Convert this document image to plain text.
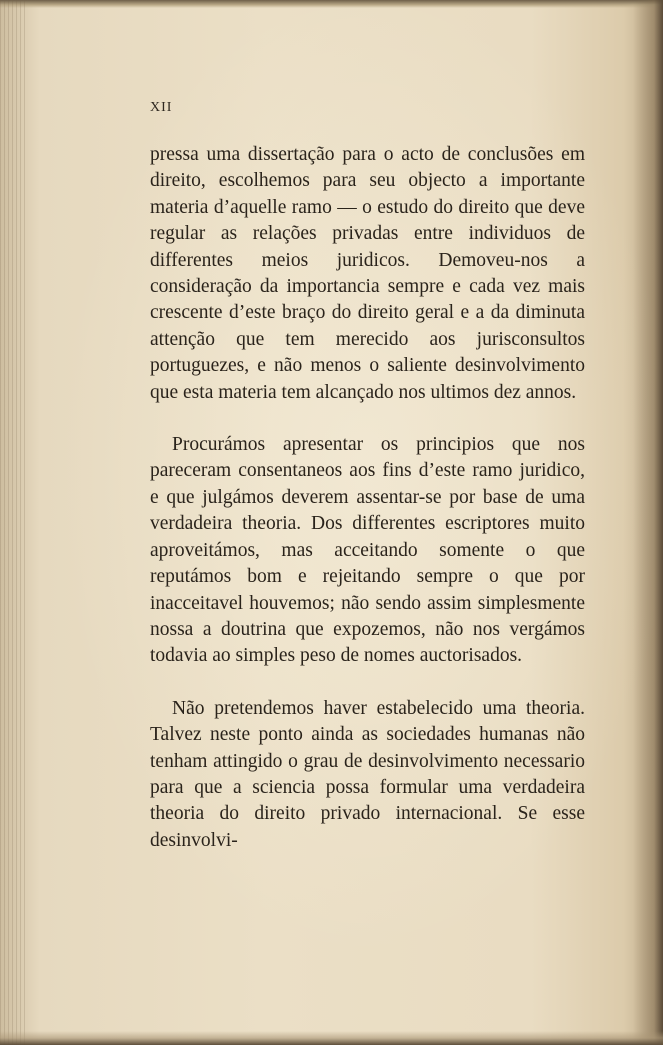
XII

pressa uma dissertação para o acto de conclusões em direito, escolhemos para seu objecto a importante materia d’aquelle ramo — o estudo do direito que deve regular as relações privadas entre individuos de differentes meios juridicos. Demoveu-nos a consideração da importancia sempre e cada vez mais crescente d’este braço do direito geral e a da diminuta attenção que tem merecido aos jurisconsultos portuguezes, e não menos o saliente desinvolvimento que esta materia tem alcançado nos ultimos dez annos.

Procurámos apresentar os principios que nos pareceram consentaneos aos fins d’este ramo juridico, e que julgámos deverem assentar-se por base de uma verdadeira theoria. Dos differentes escriptores muito aproveitámos, mas acceitando somente o que reputámos bom e rejeitando sempre o que por inacceitavel houvemos; não sendo assim simplesmente nossa a doutrina que expozemos, não nos vergámos todavia ao simples peso de nomes auctorisados.

Não pretendemos haver estabelecido uma theoria. Talvez neste ponto ainda as sociedades humanas não tenham attingido o grau de desinvolvimento necessario para que a sciencia possa formular uma verdadeira theoria do direito privado internacional. Se esse desinvolvi-
